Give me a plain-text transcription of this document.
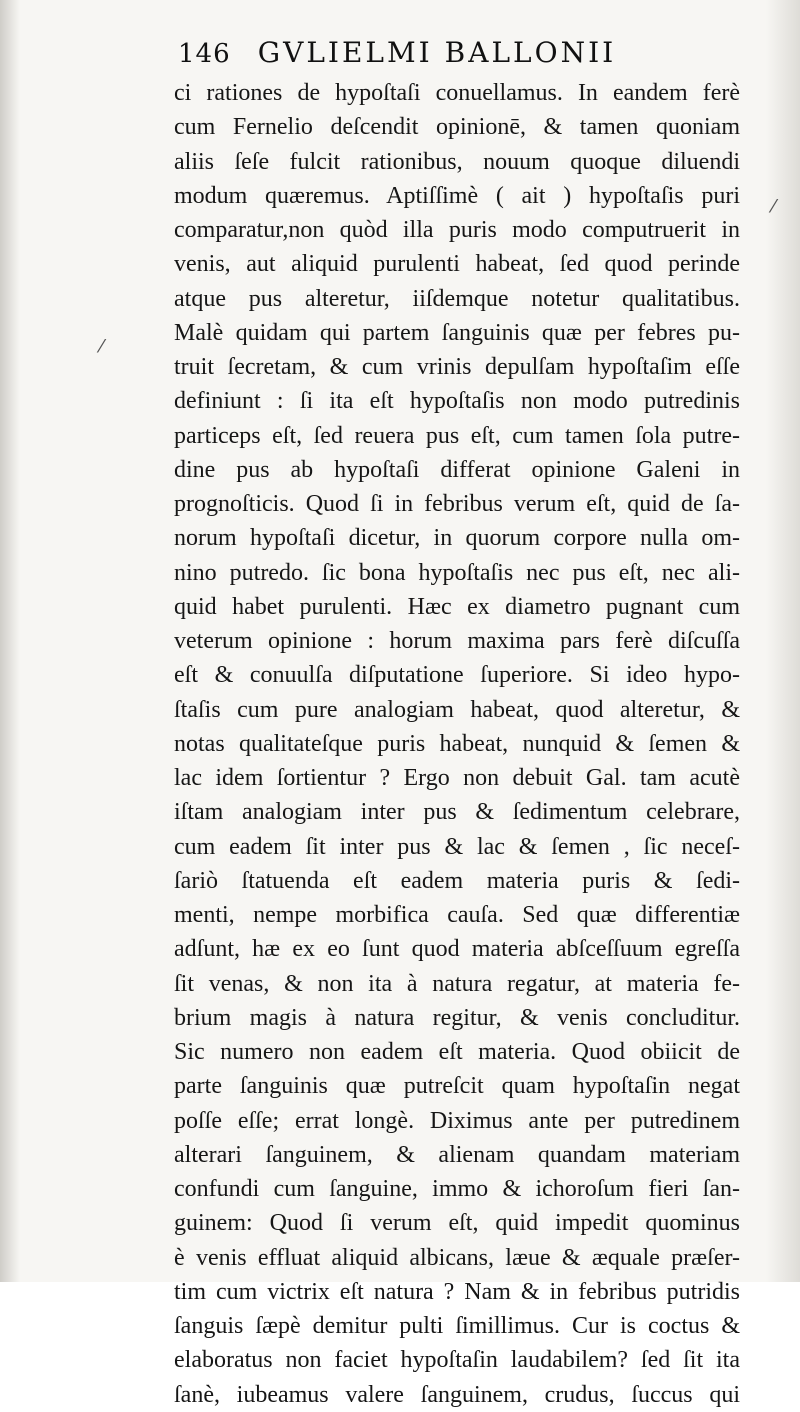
146 GVLIELMI BALLONII
⁄
⁄
ci rationes de hypoſtaſi conuellamus. In eandem ferè
cum Fernelio deſcendit opinionē, & tamen quoniam
aliis ſeſe fulcit rationibus, nouum quoque diluendi
modum quæremus. Aptiſſimè ( ait ) hypoſtaſis puri
comparatur,non quòd illa puris modo computruerit in
venis, aut aliquid purulenti habeat, ſed quod perinde
atque pus alteretur, iiſdemque notetur qualitatibus.
Malè quidam qui partem ſanguinis quæ per febres pu-
truit ſecretam, & cum vrinis depulſam hypoſtaſim eſſe
definiunt : ſi ita eſt hypoſtaſis non modo putredinis
particeps eſt, ſed reuera pus eſt, cum tamen ſola putre-
dine pus ab hypoſtaſi differat opinione Galeni in
prognoſticis. Quod ſi in febribus verum eſt, quid de ſa-
norum hypoſtaſi dicetur, in quorum corpore nulla om-
nino putredo. ſic bona hypoſtaſis nec pus eſt, nec ali-
quid habet purulenti. Hæc ex diametro pugnant cum
veterum opinione : horum maxima pars ferè diſcuſſa
eſt & conuulſa diſputatione ſuperiore. Si ideo hypo-
ſtaſis cum pure analogiam habeat, quod alteretur, &
notas qualitateſque puris habeat, nunquid & ſemen &
lac idem ſortientur ? Ergo non debuit Gal. tam acutè
iſtam analogiam inter pus & ſedimentum celebrare,
cum eadem ſit inter pus & lac & ſemen , ſic neceſ-
ſariò ſtatuenda eſt eadem materia puris & ſedi-
menti, nempe morbifica cauſa. Sed quæ differentiæ
adſunt, hæ ex eo ſunt quod materia abſceſſuum egreſſa
ſit venas, & non ita à natura regatur, at materia fe-
brium magis à natura regitur, & venis concluditur.
Sic numero non eadem eſt materia. Quod obiicit de
parte ſanguinis quæ putreſcit quam hypoſtaſin negat
poſſe eſſe; errat longè. Diximus ante per putredinem
alterari ſanguinem, & alienam quandam materiam
confundi cum ſanguine, immo & ichoroſum fieri ſan-
guinem: Quod ſi verum eſt, quid impedit quominus
è venis effluat aliquid albicans, læue & æquale præſer-
tim cum victrix eſt natura ? Nam & in febribus putridis
ſanguis ſæpè demitur pulti ſimillimus. Cur is coctus &
elaboratus non faciet hypoſtaſin laudabilem? ſed ſit ita
ſanè, iubeamus valere ſanguinem, crudus, ſuccus qui
